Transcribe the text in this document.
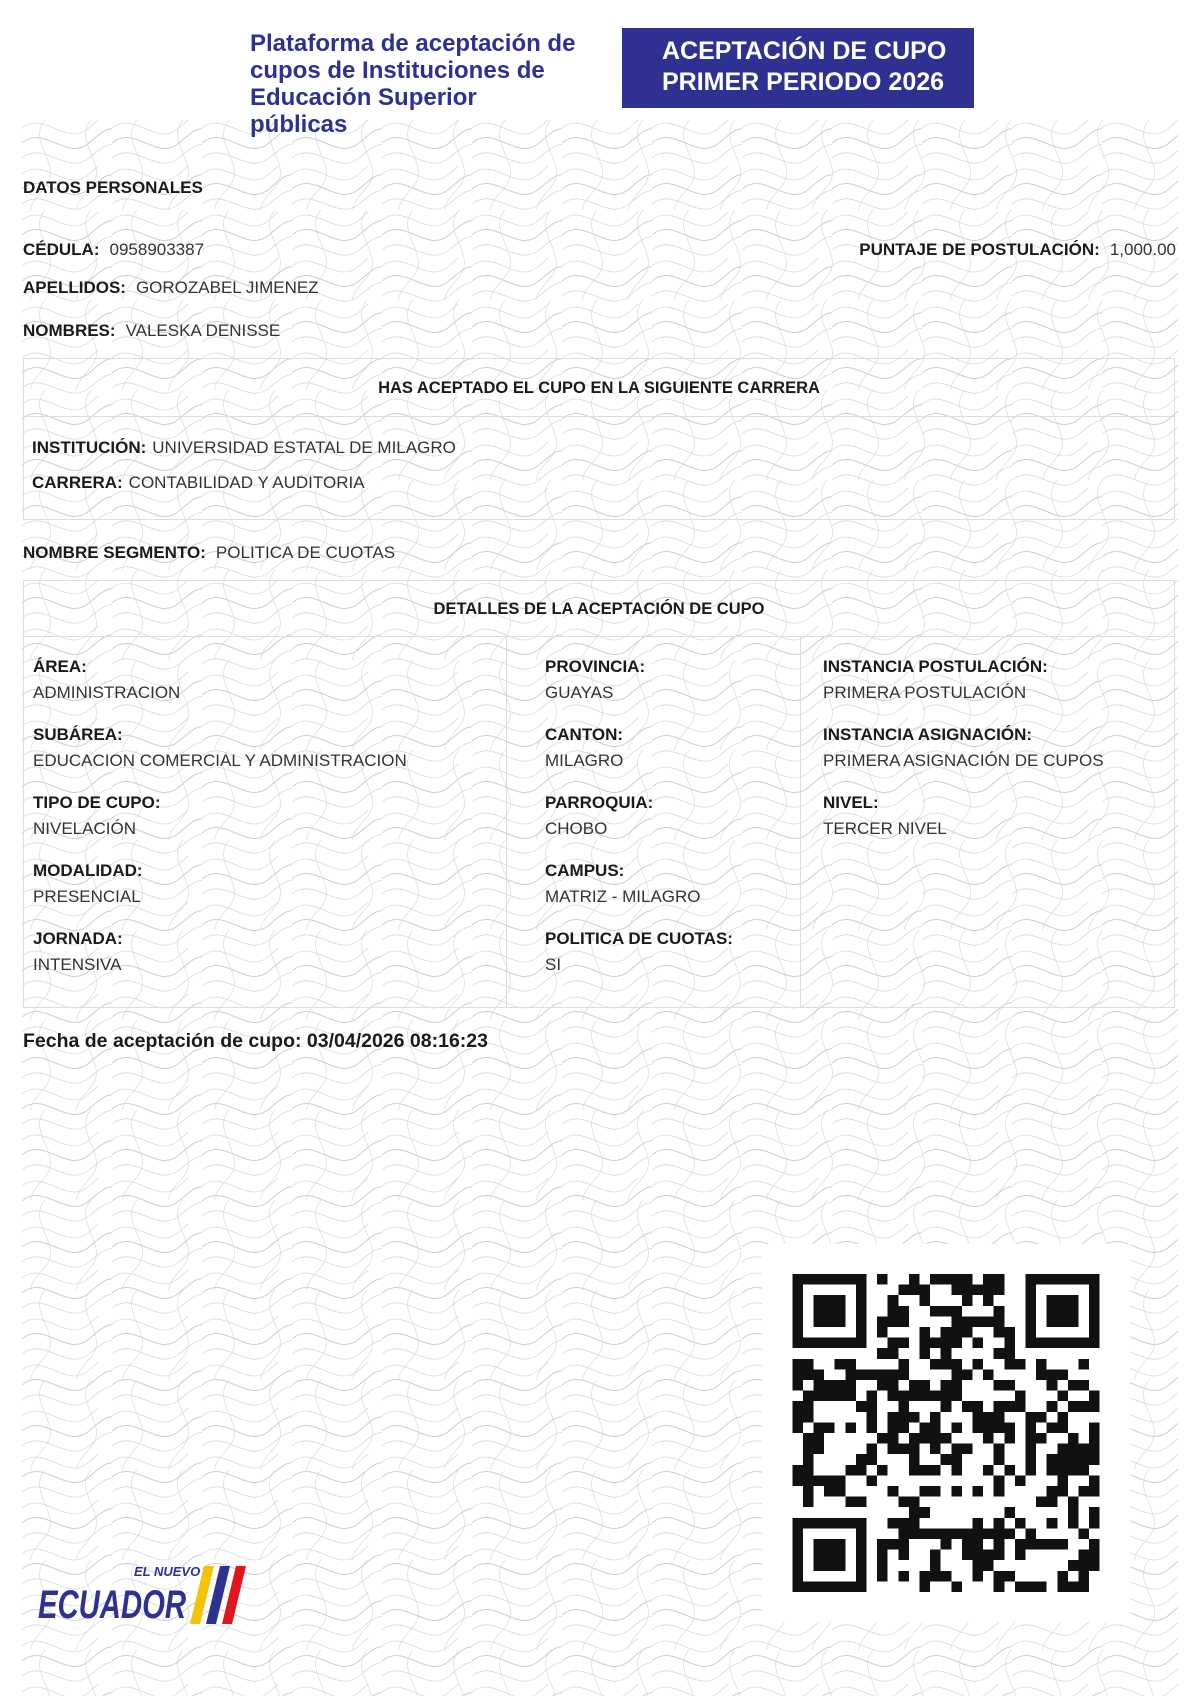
Plataforma de aceptación de
cupos de Instituciones de
Educación Superior públicas
ACEPTACIÓN DE CUPO
PRIMER PERIODO 2026
DATOS PERSONALES
CÉDULA: 0958903387	PUNTAJE DE POSTULACIÓN: 1,000.00
APELLIDOS: GOROZABEL JIMENEZ
NOMBRES: VALESKA DENISSE
HAS ACEPTADO EL CUPO EN LA SIGUIENTE CARRERA
INSTITUCIÓN: UNIVERSIDAD ESTATAL DE MILAGRO
CARRERA: CONTABILIDAD Y AUDITORIA
NOMBRE SEGMENTO: POLITICA DE CUOTAS
DETALLES DE LA ACEPTACIÓN DE CUPO
ÁREA:
ADMINISTRACION
SUBÁREA:
EDUCACION COMERCIAL Y ADMINISTRACION
TIPO DE CUPO:
NIVELACIÓN
MODALIDAD:
PRESENCIAL
JORNADA:
INTENSIVA
PROVINCIA:
GUAYAS
CANTON:
MILAGRO
PARROQUIA:
CHOBO
CAMPUS:
MATRIZ - MILAGRO
POLITICA DE CUOTAS:
SI
INSTANCIA POSTULACIÓN:
PRIMERA POSTULACIÓN
INSTANCIA ASIGNACIÓN:
PRIMERA ASIGNACIÓN DE CUPOS
NIVEL:
TERCER NIVEL
Fecha de aceptación de cupo: 03/04/2026 08:16:23
EL NUEVO
ECUADOR
